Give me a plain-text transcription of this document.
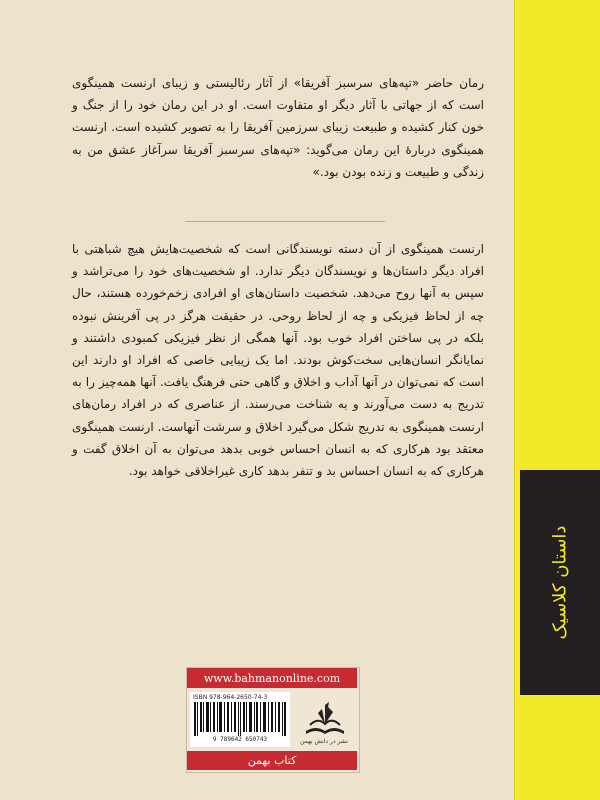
رمان حاضر «تپه‌های سرسبز آفریقا» از آثار رئالیستی و زیبای ارنست همینگوی است که از جهاتی با آثار دیگر او متفاوت است. او در این رمان خود را از جنگ و خون کنار کشیده و طبیعت زیبای سرزمین آفریقا را به تصویر کشیده است. ارنست همینگوی دربارهٔ این رمان می‌گوید: «تپه‌های سرسبز آفریقا سرآغاز عشق من به زندگی و طبیعت و زنده بودن بود.»
ارنست همینگوی از آن دسته نویسندگانی است که شخصیت‌هایش هیچ شباهتی با افراد دیگر داستان‌ها و نویسندگان دیگر ندارد. او شخصیت‌های خود را می‌تراشد و سپس به آنها روح می‌دهد. شخصیت داستان‌های او افرادی زخم‌خورده هستند، حال چه از لحاظ فیزیکی و چه از لحاظ روحی. در حقیقت هرگز در پی آفرینش نبوده بلکه در پی ساختن افراد خوب بود. آنها همگی از نظر فیزیکی کمبودی داشتند و نمایانگر انسان‌هایی سخت‌کوش بودند. اما یک زیبایی خاصی که افراد او دارند این است که نمی‌توان در آنها آداب و اخلاق و گاهی حتی فرهنگ یافت. آنها همه‌چیز را به تدریج به دست می‌آورند و به شناخت می‌رسند. از عناصری که در افراد رمان‌های ارنست همینگوی به تدریج شکل می‌گیرد اخلاق و سرشت آنهاست. ارنست همینگوی معتقد بود هرکاری که به انسان احساس خوبی بدهد می‌توان به آن اخلاق گفت و هرکاری که به انسان احساس بد و تنفر بدهد کاری غیراخلاقی خواهد بود.
داستان کلاسیک
www.bahmanonline.com
ISBN 978-964-2650-74-3
9 789642 650743	نشر در دانش بهمن
کتاب بهمن
